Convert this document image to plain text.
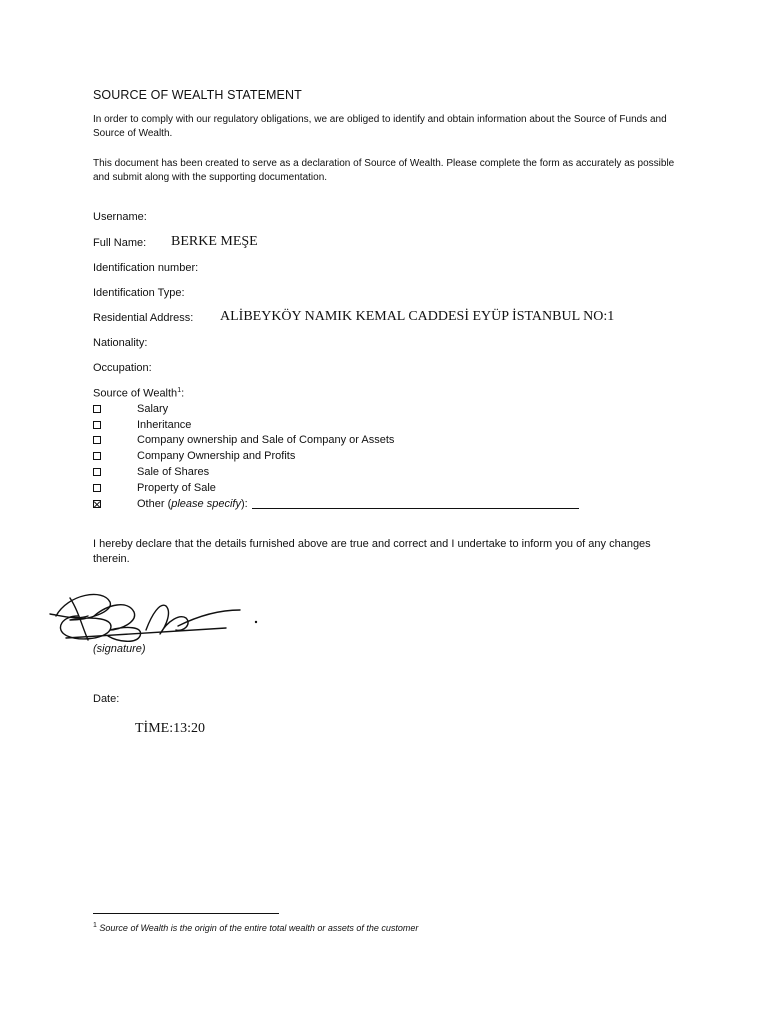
SOURCE OF WEALTH STATEMENT
In order to comply with our regulatory obligations, we are obliged to identify and obtain information about the Source of Funds and Source of Wealth.
This document has been created to serve as a declaration of Source of Wealth. Please complete the form as accurately as possible and submit along with the supporting documentation.
Username:
Full Name: BERKE MEŞE
Identification number:
Identification Type:
Residential Address: ALİBEYKÖY NAMIK KEMAL CADDESİ EYÜP İSTANBUL NO:1
Nationality:
Occupation:
Source of Wealth$^1$:
Salary
Inheritance
Company ownership and Sale of Company or Assets
Company Ownership and Profits
Sale of Shares
Property of Sale
Other (please specify):
I hereby declare that the details furnished above are true and correct and I undertake to inform you of any changes therein.
(signature)
Date:
TİME:13:20
$^1$ Source of Wealth is the origin of the entire total wealth or assets of the customer
